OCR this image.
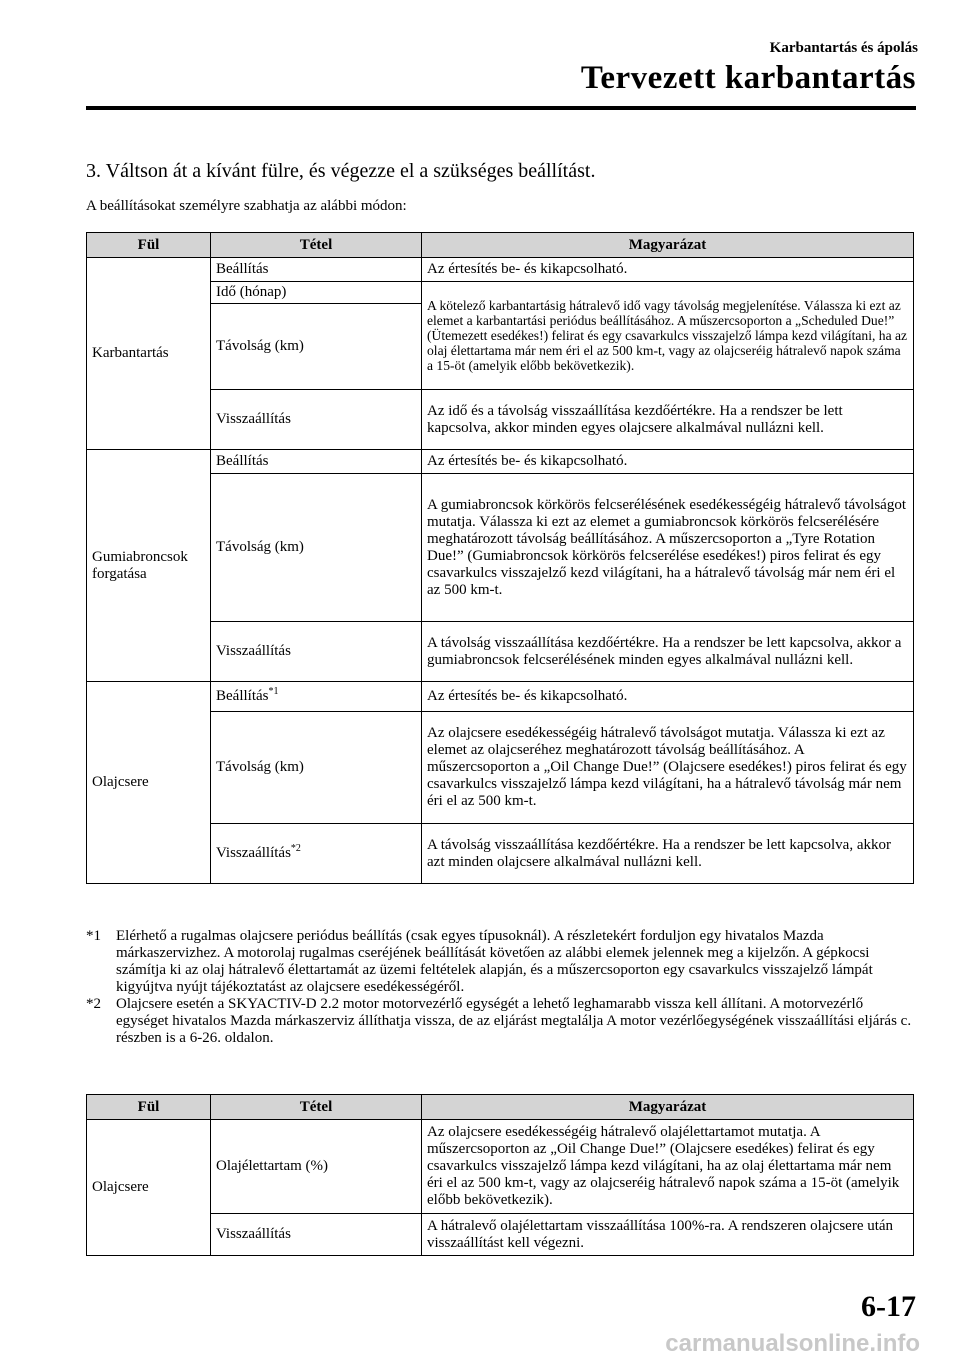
Karbantartás és ápolás
Tervezett karbantartás
3. Váltson át a kívánt fülre, és végezze el a szükséges beállítást.
A beállításokat személyre szabhatja az alábbi módon:
Fül	Tétel	Magyarázat
Karbantartás	Beállítás	Az értesítés be- és kikapcsolható.
	Idő (hónap)	A kötelező karbantartásig hátralevő idő vagy távolság megjelenítése. Válassza ki ezt az elemet a karbantartási periódus beállításához. A műszercsoporton a „Scheduled Due!” (Ütemezett esedékes!) felirat és egy csavarkulcs visszajelző lámpa kezd világítani, ha az olaj élettartama már nem éri el az 500 km-t, vagy az olajcseréig hátralevő napok száma a 15-öt (amelyik előbb bekövetkezik).
	Távolság (km)	
	Visszaállítás	Az idő és a távolság visszaállítása kezdőértékre. Ha a rendszer be lett kapcsolva, akkor minden egyes olajcsere alkalmával nullázni kell.
Gumiabroncsok forgatása	Beállítás	Az értesítés be- és kikapcsolható.
	Távolság (km)	A gumiabroncsok körkörös felcserélésének esedékességéig hátralevő távolságot mutatja. Válassza ki ezt az elemet a gumiabroncsok körkörös felcserélésére meghatározott távolság beállításához. A műszercsoporton a „Tyre Rotation Due!” (Gumiabroncsok körkörös felcserélése esedékes!) piros felirat és egy csavarkulcs visszajelző kezd világítani, ha a hátralevő távolság már nem éri el az 500 km-t.
	Visszaállítás	A távolság visszaállítása kezdőértékre. Ha a rendszer be lett kapcsolva, akkor a gumiabroncsok felcserélésének minden egyes alkalmával nullázni kell.
Olajcsere	Beállítás$^{*1}$	Az értesítés be- és kikapcsolható.
	Távolság (km)	Az olajcsere esedékességéig hátralevő távolságot mutatja. Válassza ki ezt az elemet az olajcseréhez meghatározott távolság beállításához. A műszercsoporton a „Oil Change Due!” (Olajcsere esedékes!) piros felirat és egy csavarkulcs visszajelző lámpa kezd világítani, ha a hátralevő távolság már nem éri el az 500 km-t.
	Visszaállítás$^{*2}$	A távolság visszaállítása kezdőértékre. Ha a rendszer be lett kapcsolva, akkor azt minden olajcsere alkalmával nullázni kell.
*1	Elérhető a rugalmas olajcsere periódus beállítás (csak egyes típusoknál). A részletekért forduljon egy hivatalos Mazda márkaszervizhez. A motorolaj rugalmas cseréjének beállítását követően az alábbi elemek jelennek meg a kijelzőn. A gépkocsi számítja ki az olaj hátralevő élettartamát az üzemi feltételek alapján, és a műszercsoporton egy csavarkulcs visszajelző lámpát kigyújtva nyújt tájékoztatást az olajcsere esedékességéről.
*2	Olajcsere esetén a SKYACTIV-D 2.2 motor motorvezérlő egységét a lehető leghamarabb vissza kell állítani. A motorvezérlő egységet hivatalos Mazda márkaszerviz állíthatja vissza, de az eljárást megtalálja A motor vezérlőegységének visszaállítási eljárás c. részben is a 6-26. oldalon.
Fül	Tétel	Magyarázat
Olajcsere	Olajélettartam (%)	Az olajcsere esedékességéig hátralevő olajélettartamot mutatja. A műszercsoporton az „Oil Change Due!” (Olajcsere esedékes) felirat és egy csavarkulcs visszajelző lámpa kezd világítani, ha az olaj élettartama már nem éri el az 500 km-t, vagy az olajcseréig hátralevő napok száma a 15-öt (amelyik előbb bekövetkezik).
	Visszaállítás	A hátralevő olajélettartam visszaállítása 100%-ra. A rendszeren olajcsere után visszaállítást kell végezni.
6-17
carmanualsonline.info
